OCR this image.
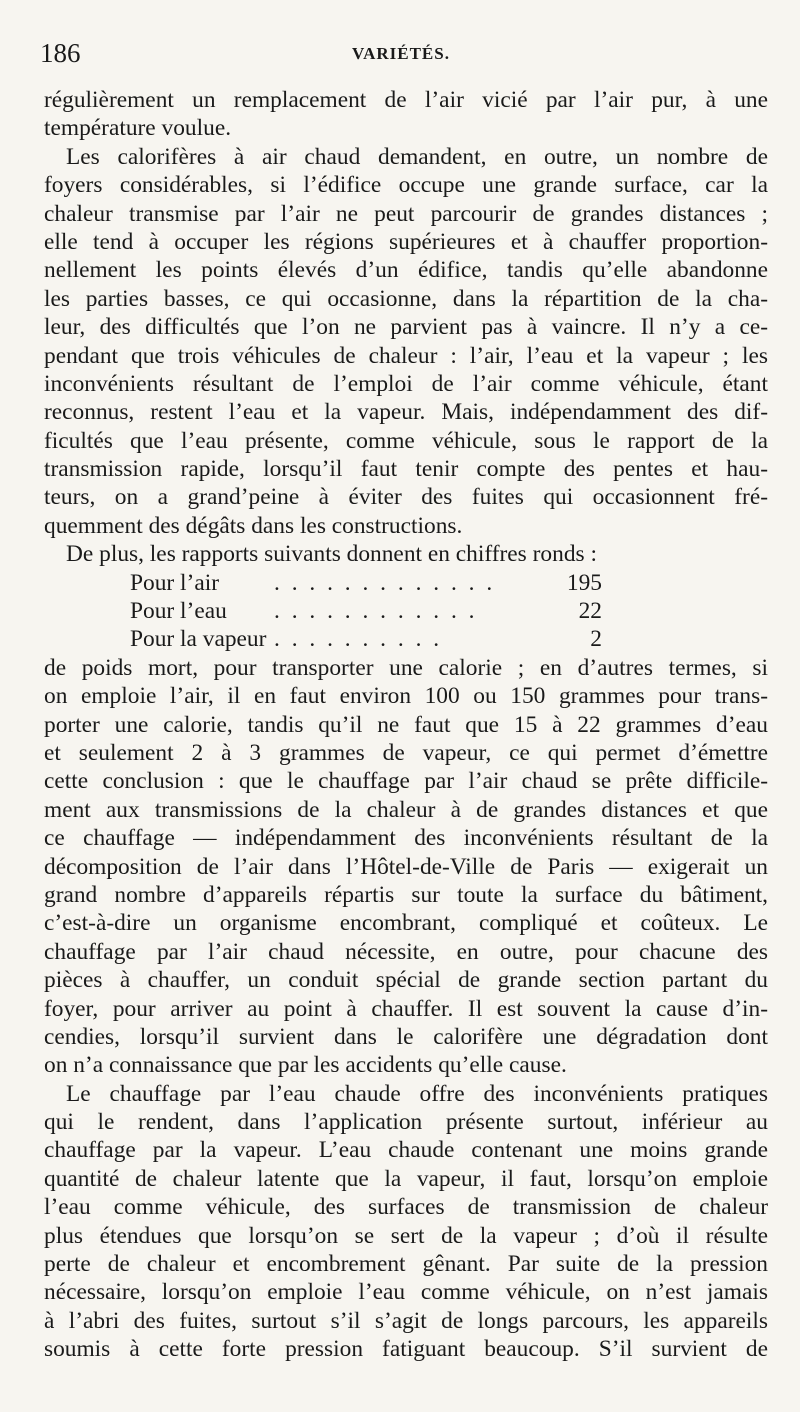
186	VARIÉTÉS.
régulièrement un remplacement de l’air vicié par l’air pur, à une
température voulue.
Les calorifères à air chaud demandent, en outre, un nombre de
foyers considérables, si l’édifice occupe une grande surface, car la
chaleur transmise par l’air ne peut parcourir de grandes distances ;
elle tend à occuper les régions supérieures et à chauffer proportion-
nellement les points élevés d’un édifice, tandis qu’elle abandonne
les parties basses, ce qui occasionne, dans la répartition de la cha-
leur, des difficultés que l’on ne parvient pas à vaincre. Il n’y a ce-
pendant que trois véhicules de chaleur : l’air, l’eau et la vapeur ; les
inconvénients résultant de l’emploi de l’air comme véhicule, étant
reconnus, restent l’eau et la vapeur. Mais, indépendamment des dif-
ficultés que l’eau présente, comme véhicule, sous le rapport de la
transmission rapide, lorsqu’il faut tenir compte des pentes et hau-
teurs, on a grand’peine à éviter des fuites qui occasionnent fré-
quemment des dégâts dans les constructions.
De plus, les rapports suivants donnent en chiffres ronds :
Pour l’air . . . . . . . . . . . . .	195
Pour l’eau . . . . . . . . . . . .	22
Pour la vapeur . . . . . . . . . .	2
de poids mort, pour transporter une calorie ; en d’autres termes, si
on emploie l’air, il en faut environ 100 ou 150 grammes pour trans-
porter une calorie, tandis qu’il ne faut que 15 à 22 grammes d’eau
et seulement 2 à 3 grammes de vapeur, ce qui permet d’émettre
cette conclusion : que le chauffage par l’air chaud se prête difficile-
ment aux transmissions de la chaleur à de grandes distances et que
ce chauffage — indépendamment des inconvénients résultant de la
décomposition de l’air dans l’Hôtel-de-Ville de Paris — exigerait un
grand nombre d’appareils répartis sur toute la surface du bâtiment,
c’est-à-dire un organisme encombrant, compliqué et coûteux. Le
chauffage par l’air chaud nécessite, en outre, pour chacune des
pièces à chauffer, un conduit spécial de grande section partant du
foyer, pour arriver au point à chauffer. Il est souvent la cause d’in-
cendies, lorsqu’il survient dans le calorifère une dégradation dont
on n’a connaissance que par les accidents qu’elle cause.
Le chauffage par l’eau chaude offre des inconvénients pratiques
qui le rendent, dans l’application présente surtout, inférieur au
chauffage par la vapeur. L’eau chaude contenant une moins grande
quantité de chaleur latente que la vapeur, il faut, lorsqu’on emploie
l’eau comme véhicule, des surfaces de transmission de chaleur
plus étendues que lorsqu’on se sert de la vapeur ; d’où il résulte
perte de chaleur et encombrement gênant. Par suite de la pression
nécessaire, lorsqu’on emploie l’eau comme véhicule, on n’est jamais
à l’abri des fuites, surtout s’il s’agit de longs parcours, les appareils
soumis à cette forte pression fatiguant beaucoup. S’il survient de
